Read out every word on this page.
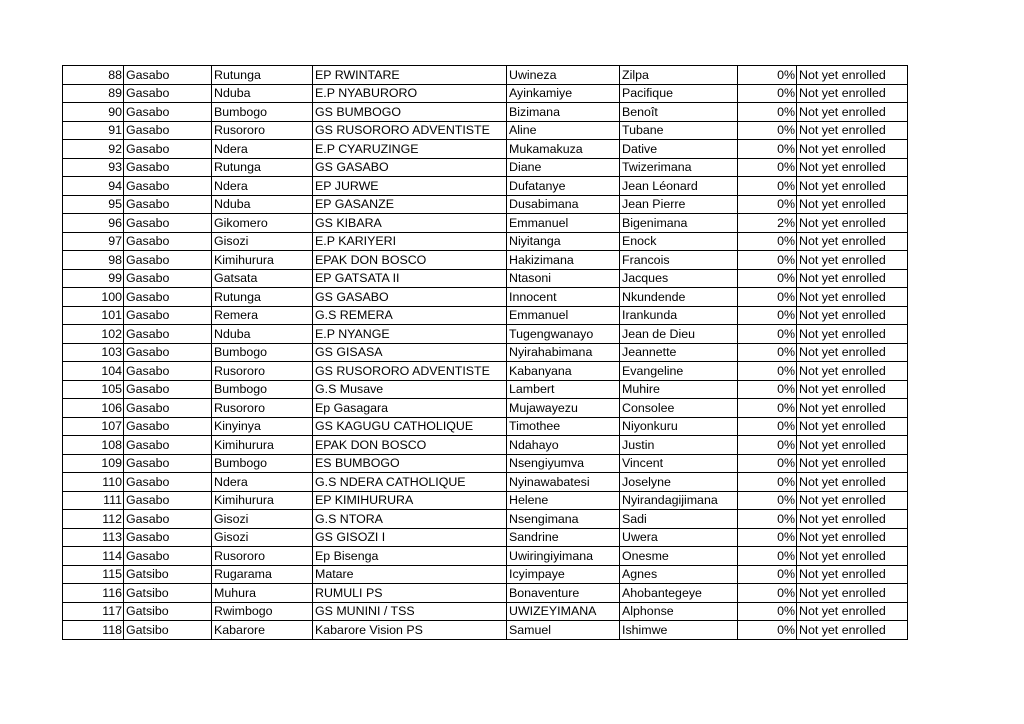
88	Gasabo	Rutunga	EP RWINTARE	Uwineza	Zilpa	0%	Not yet enrolled
89	Gasabo	Nduba	E.P NYABURORO	Ayinkamiye	Pacifique	0%	Not yet enrolled
90	Gasabo	Bumbogo	GS BUMBOGO	Bizimana	Benoît	0%	Not yet enrolled
91	Gasabo	Rusororo	GS RUSORORO ADVENTISTE	Aline	Tubane	0%	Not yet enrolled
92	Gasabo	Ndera	E.P CYARUZINGE	Mukamakuza	Dative	0%	Not yet enrolled
93	Gasabo	Rutunga	GS GASABO	Diane	Twizerimana	0%	Not yet enrolled
94	Gasabo	Ndera	EP JURWE	Dufatanye	Jean Léonard	0%	Not yet enrolled
95	Gasabo	Nduba	EP GASANZE	Dusabimana	Jean Pierre	0%	Not yet enrolled
96	Gasabo	Gikomero	GS KIBARA	Emmanuel	Bigenimana	2%	Not yet enrolled
97	Gasabo	Gisozi	E.P KARIYERI	Niyitanga	Enock	0%	Not yet enrolled
98	Gasabo	Kimihurura	EPAK DON BOSCO	Hakizimana	Francois	0%	Not yet enrolled
99	Gasabo	Gatsata	EP GATSATA II	Ntasoni	Jacques	0%	Not yet enrolled
100	Gasabo	Rutunga	GS GASABO	Innocent	Nkundende	0%	Not yet enrolled
101	Gasabo	Remera	G.S REMERA	Emmanuel	Irankunda	0%	Not yet enrolled
102	Gasabo	Nduba	E.P NYANGE	Tugengwanayo	Jean de Dieu	0%	Not yet enrolled
103	Gasabo	Bumbogo	GS GISASA	Nyirahabimana	Jeannette	0%	Not yet enrolled
104	Gasabo	Rusororo	GS RUSORORO ADVENTISTE	Kabanyana	Evangeline	0%	Not yet enrolled
105	Gasabo	Bumbogo	G.S Musave	Lambert	Muhire	0%	Not yet enrolled
106	Gasabo	Rusororo	Ep Gasagara	Mujawayezu	Consolee	0%	Not yet enrolled
107	Gasabo	Kinyinya	GS KAGUGU CATHOLIQUE	Timothee	Niyonkuru	0%	Not yet enrolled
108	Gasabo	Kimihurura	EPAK DON BOSCO	Ndahayo	Justin	0%	Not yet enrolled
109	Gasabo	Bumbogo	ES BUMBOGO	Nsengiyumva	Vincent	0%	Not yet enrolled
110	Gasabo	Ndera	G.S NDERA CATHOLIQUE	Nyinawabatesi	Joselyne	0%	Not yet enrolled
111	Gasabo	Kimihurura	EP KIMIHURURA	Helene	Nyirandagijimana	0%	Not yet enrolled
112	Gasabo	Gisozi	G.S NTORA	Nsengimana	Sadi	0%	Not yet enrolled
113	Gasabo	Gisozi	GS GISOZI I	Sandrine	Uwera	0%	Not yet enrolled
114	Gasabo	Rusororo	Ep Bisenga	Uwiringiyimana	Onesme	0%	Not yet enrolled
115	Gatsibo	Rugarama	Matare	Icyimpaye	Agnes	0%	Not yet enrolled
116	Gatsibo	Muhura	RUMULI PS	Bonaventure	Ahobantegeye	0%	Not yet enrolled
117	Gatsibo	Rwimbogo	GS MUNINI / TSS	UWIZEYIMANA	Alphonse	0%	Not yet enrolled
118	Gatsibo	Kabarore	Kabarore Vision PS	Samuel	Ishimwe	0%	Not yet enrolled
